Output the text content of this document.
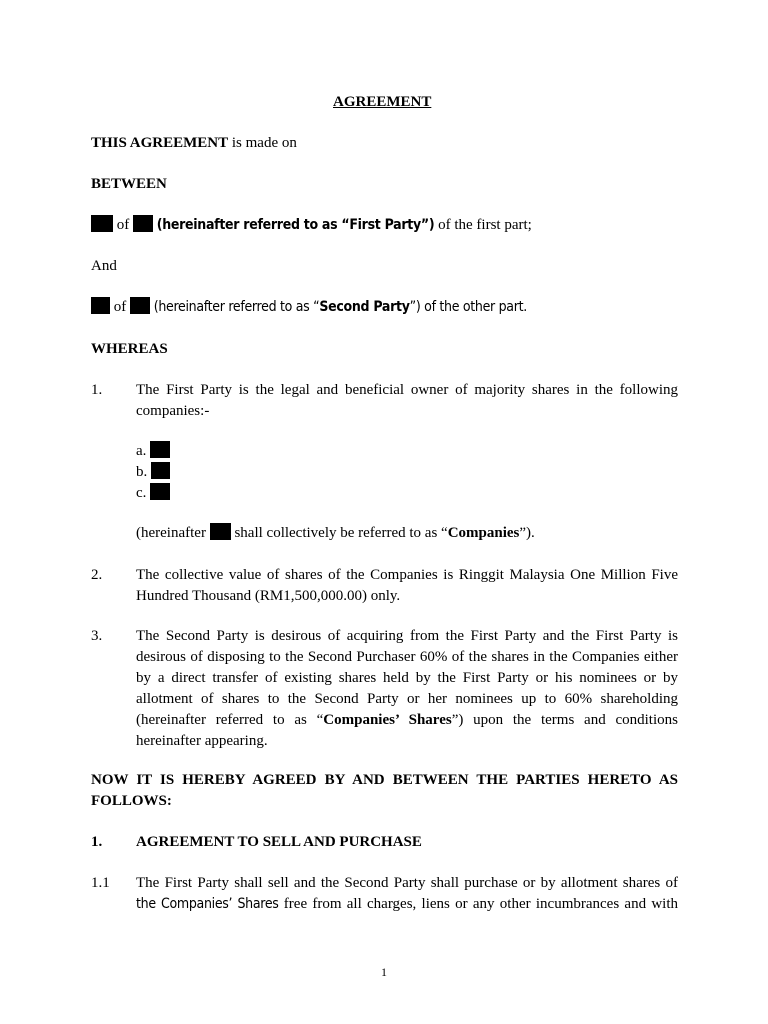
AGREEMENT
THIS AGREEMENT is made on
BETWEEN
of  (hereinafter referred to as “First Party”) of the first part;
And
of  (hereinafter referred to as “Second Party”) of the other part.
WHEREAS
1. The First Party is the legal and beneficial owner of majority shares in the following companies:-
a.
b.
c.
(hereinafter  shall collectively be referred to as “Companies”).
2. The collective value of shares of the Companies is Ringgit Malaysia One Million Five Hundred Thousand (RM1,500,000.00) only.
3. The Second Party is desirous of acquiring from the First Party and the First Party is desirous of disposing to the Second Purchaser 60% of the shares in the Companies either by a direct transfer of existing shares held by the First Party or his nominees or by allotment of shares to the Second Party or her nominees up to 60% shareholding (hereinafter referred to as “Companies’ Shares”) upon the terms and conditions hereinafter appearing.
NOW IT IS HEREBY AGREED BY AND BETWEEN THE PARTIES HERETO AS FOLLOWS:
1. AGREEMENT TO SELL AND PURCHASE
1.1 The First Party shall sell and the Second Party shall purchase or by allotment shares of
the Companies’ Shares free from all charges, liens or any other incumbrances and with
1
